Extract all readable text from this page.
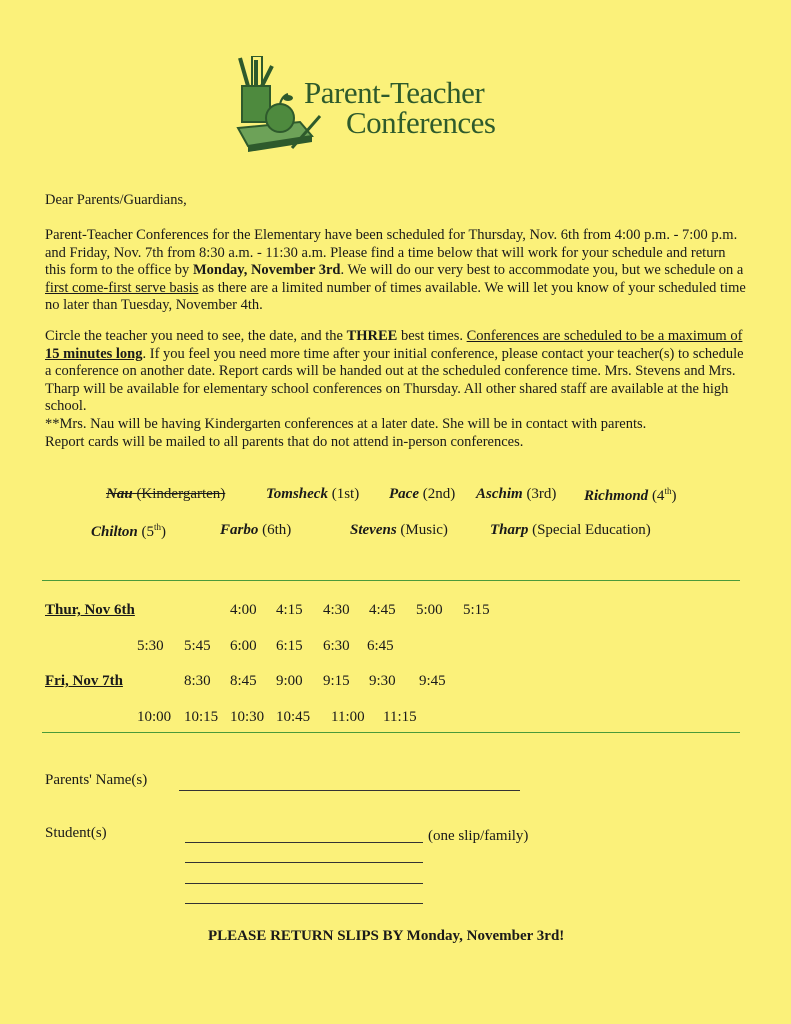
Parent-Teacher
Conferences

Dear Parents/Guardians,

Parent-Teacher Conferences for the Elementary have been scheduled for Thursday, Nov. 6th from 4:00 p.m. - 7:00 p.m. and Friday, Nov. 7th from 8:30 a.m. - 11:30 a.m. Please find a time below that will work for your schedule and return this form to the office by Monday, November 3rd. We will do our very best to accommodate you, but we schedule on a first come-first serve basis as there are a limited number of times available. We will let you know of your scheduled time no later than Tuesday, November 4th.

Circle the teacher you need to see, the date, and the THREE best times. Conferences are scheduled to be a maximum of 15 minutes long. If you feel you need more time after your initial conference, please contact your teacher(s) to schedule a conference on another date. Report cards will be handed out at the scheduled conference time. Mrs. Stevens and Mrs. Tharp will be available for elementary school conferences on Thursday. All other shared staff are available at the high school.
**Mrs. Nau will be having Kindergarten conferences at a later date. She will be in contact with parents.
Report cards will be mailed to all parents that do not attend in-person conferences.

Nau (Kindergarten)	Tomsheck (1st) Pace (2nd) Aschim (3rd) Richmond (4th)
Chilton (5th)	Farbo (6th)	Stevens (Music)	Tharp (Special Education)
Thur, Nov 6th	4:00 4:15 4:30 4:45 5:00 5:15
5:30 5:45 6:00 6:15 6:30 6:45
Fri, Nov 7th	8:30 8:45 9:00 9:15 9:30 9:45
10:00 10:15 10:30 10:45 11:00 11:15
Parents' Name(s)
Student(s)	(one slip/family)
PLEASE RETURN SLIPS BY Monday, November 3rd!
